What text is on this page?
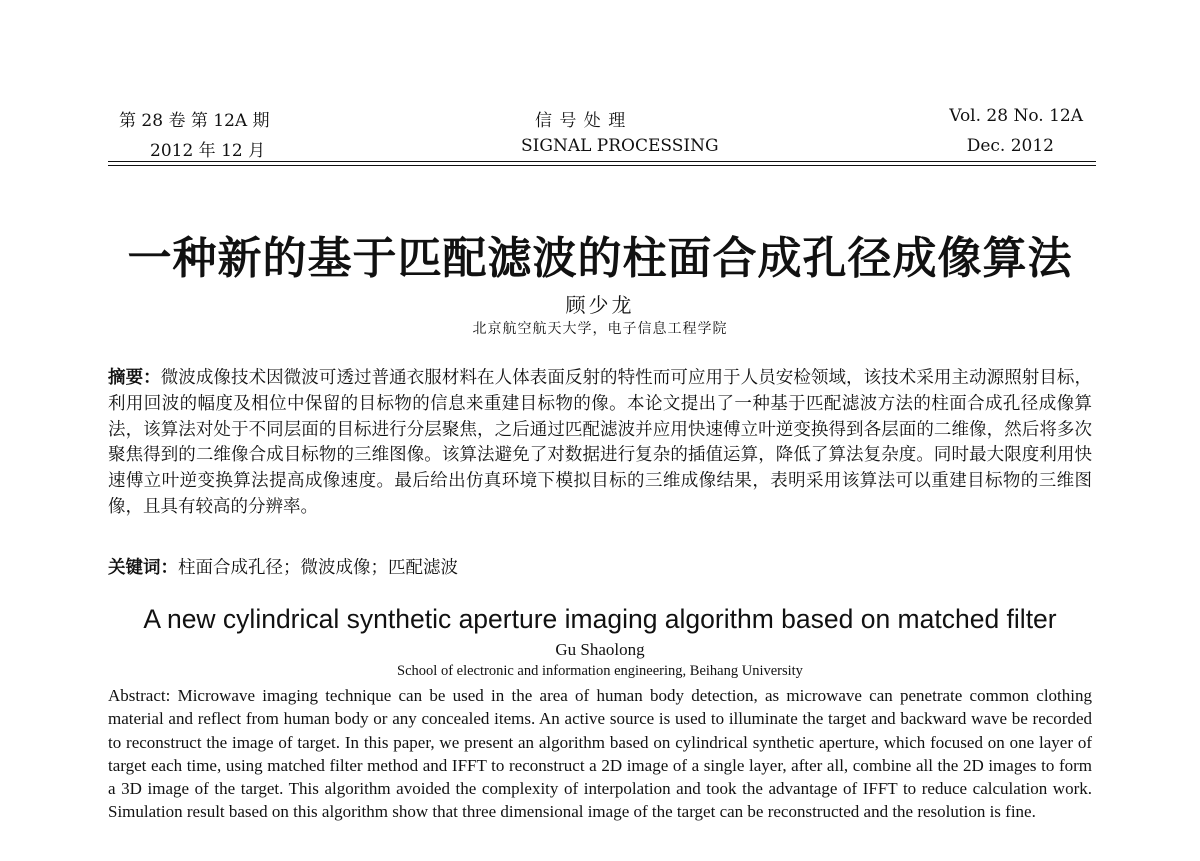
第 28 卷 第 12A 期
2012 年 12 月
信 号 处 理
SIGNAL PROCESSING
Vol. 28 No. 12A
Dec. 2012
一种新的基于匹配滤波的柱面合成孔径成像算法
顾少龙
北京航空航天大学，电子信息工程学院
摘要：微波成像技术因微波可透过普通衣服材料在人体表面反射的特性而可应用于人员安检领域，该技术采用主动源照射目标，利用回波的幅度及相位中保留的目标物的信息来重建目标物的像。本论文提出了一种基于匹配滤波方法的柱面合成孔径成像算法，该算法对处于不同层面的目标进行分层聚焦，之后通过匹配滤波并应用快速傅立叶逆变换得到各层面的二维像，然后将多次聚焦得到的二维像合成目标物的三维图像。该算法避免了对数据进行复杂的插值运算，降低了算法复杂度。同时最大限度利用快速傅立叶逆变换算法提高成像速度。最后给出仿真环境下模拟目标的三维成像结果，表明采用该算法可以重建目标物的三维图像，且具有较高的分辨率。
关键词：柱面合成孔径；微波成像；匹配滤波
A new cylindrical synthetic aperture imaging algorithm based on matched filter
Gu Shaolong
School of electronic and information engineering, Beihang University
Abstract: Microwave imaging technique can be used in the area of human body detection, as microwave can penetrate common clothing material and reflect from human body or any concealed items. An active source is used to illuminate the target and backward wave be recorded to reconstruct the image of target. In this paper, we present an algorithm based on cylindrical synthetic aperture, which focused on one layer of target each time, using matched filter method and IFFT to reconstruct a 2D image of a single layer, after all, combine all the 2D images to form a 3D image of the target. This algorithm avoided the complexity of interpolation and took the advantage of IFFT to reduce calculation work. Simulation result based on this algorithm show that three dimensional image of the target can be reconstructed and the resolution is fine.
